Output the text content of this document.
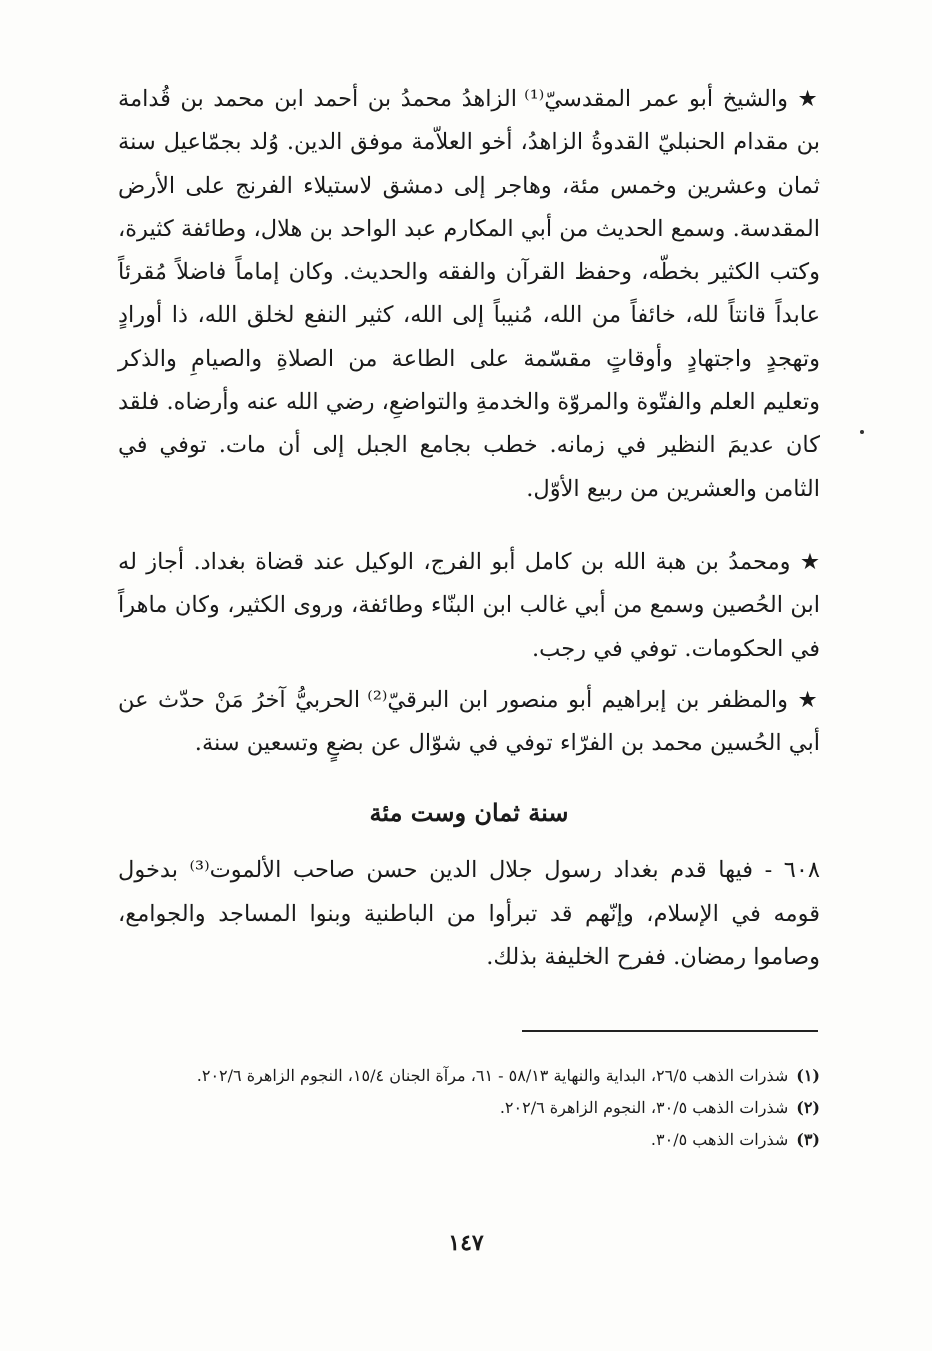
★ والشيخ أبو عمر المقدسيّ⁽¹⁾ الزاهدُ محمدُ بن أحمد ابن محمد بن قُدامة بن مقدام الحنبليّ القدوةُ الزاهدُ، أخو العلاّمة موفق الدين. وُلد بجمّاعيل سنة ثمان وعشرين وخمس مئة، وهاجر إلى دمشق لاستيلاء الفرنج على الأرض المقدسة. وسمع الحديث من أبي المكارم عبد الواحد بن هلال، وطائفة كثيرة، وكتب الكثير بخطّه، وحفظ القرآن والفقه والحديث. وكان إماماً فاضلاً مُقرئاً عابداً قانتاً لله، خائفاً من الله، مُنيباً إلى الله، كثير النفع لخلق الله، ذا أورادٍ وتهجدٍ واجتهادٍ وأوقاتٍ مقسّمة على الطاعة من الصلاةِ والصيامِ والذكر وتعليم العلم والفتّوة والمروّة والخدمةِ والتواضعِ، رضي الله عنه وأرضاه. فلقد كان عديمَ النظير في زمانه. خطب بجامع الجبل إلى أن مات. توفي في الثامن والعشرين من ربيع الأوّل.

★ ومحمدُ بن هبة الله بن كامل أبو الفرج، الوكيل عند قضاة بغداد. أجاز له ابن الحُصين وسمع من أبي غالب ابن البنّاء وطائفة، وروى الكثير، وكان ماهراً في الحكومات. توفي في رجب.

★ والمظفر بن إبراهيم أبو منصور ابن البرقيّ⁽²⁾ الحربيُّ آخرُ مَنْ حدّث عن أبي الحُسين محمد بن الفرّاء توفي في شوّال عن بضعٍ وتسعين سنة.

سنة ثمان وست مئة

٦٠٨ - فيها قدم بغداد رسول جلال الدين حسن صاحب الألموت⁽³⁾ بدخول قومه في الإسلام، وإنّهم قد تبرأوا من الباطنية وبنوا المساجد والجوامع، وصاموا رمضان. ففرح الخليفة بذلك.

(١)شذرات الذهب ٢٦/٥، البداية والنهاية ٥٨/١٣ - ٦١، مرآة الجنان ١٥/٤، النجوم الزاهرة ٢٠٢/٦.
(٢)شذرات الذهب ٣٠/٥، النجوم الزاهرة ٢٠٢/٦.
(٣)شذرات الذهب ٣٠/٥.
١٤٧
